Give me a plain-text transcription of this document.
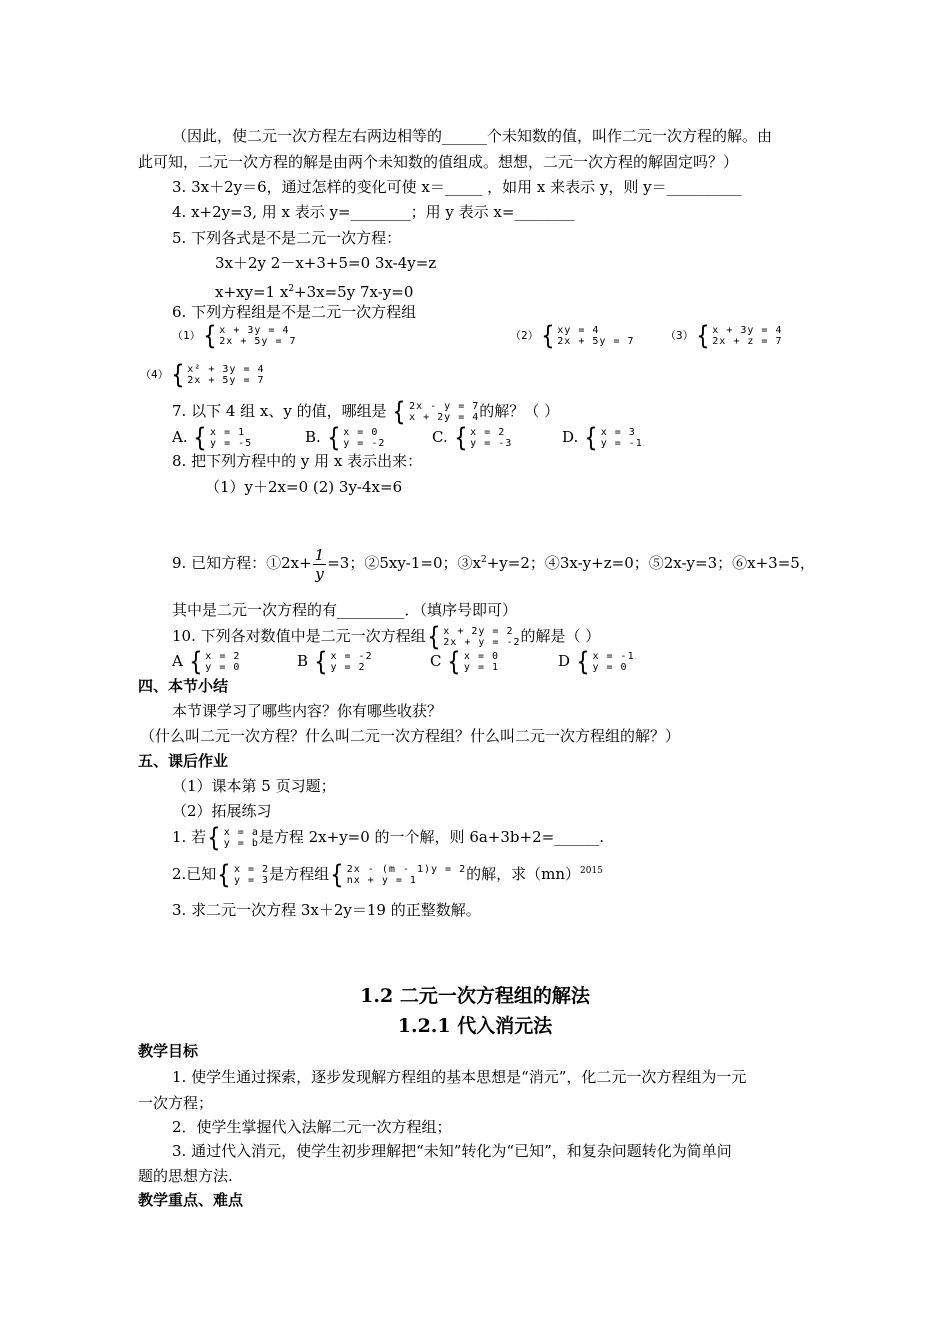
（因此，使二元一次方程左右两边相等的______个未知数的值，叫作二元一次方程的解。由
此可知，二元一次方程的解是由两个未知数的值组成。想想，二元一次方程的解固定吗？）
3. 3x＋2y＝6，通过怎样的变化可使 x＝_____ ，如用 x 来表示 y，则 y＝__________
4. x+2y=3, 用 x 表示 y=________；用 y 表示 x=________
5. 下列各式是不是二元一次方程：
3x＋2y 2－x+3+5=0 3x-4y=z
x+xy=1 $x^2+3x=5y$ 7x-y=0
6. 下列方程组是不是二元一次方程组
（1） { x + 3y = 4
2x + 5y = 7	（2） { xy = 4
2x + 5y = 7	（3） { x + 3y = 4
2x + z = 7
（4） { x² + 3y = 4
2x + 5y = 7
7. 以下 4 组 x、y 的值，哪组是 { 2x - y = 7
x + 2y = 4 的解？（ ）
A. { x = 1
y = -5	B. { x = 0
y = -2	C. { x = 2
y = -3	D. { x = 3
y = -1
8. 把下列方程中的 y 用 x 表示出来：
（1）y＋2x=0 (2) 3y-4x=6
9. 已知方程：①2x+ $\frac{1}{y} =3$；②5xy-1=0；$③x^2+y=2$；④3x-y+z=0；⑤2x-y=3；⑥x+3=5，
其中是二元一次方程的有_________．（填序号即可）
10. 下列各对数值中是二元一次方程组 { x + 2y = 2
2x + y = -2 的解是（ ）
A { x = 2
y = 0	B { x = -2
y = 2	C { x = 0
y = 1	D { x = -1
y = 0
四、本节小结
本节课学习了哪些内容？你有哪些收获？
（什么叫二元一次方程？什么叫二元一次方程组？什么叫二元一次方程组的解？）
五、课后作业
（1）课本第 5 页习题；
（2）拓展练习
1. 若 { x = a
y = b 是方程 2x+y=0 的一个解，则 6a+3b+2=______.
2.已知 { x = 2
y = 3 是方程组 { 2x - (m - 1)y = 2
nx + y = 1	的解，求（mn）$^{2015}$
3. 求二元一次方程 3x＋2y＝19 的正整数解。
1.2 二元一次方程组的解法
1.2.1 代入消元法
教学目标
1. 使学生通过探索，逐步发现解方程组的基本思想是“消元”，化二元一次方程组为一元
一次方程；
2．使学生掌握代入法解二元一次方程组；
3. 通过代入消元，使学生初步理解把“未知”转化为“已知”，和复杂问题转化为简单问
题的思想方法.
教学重点、难点
